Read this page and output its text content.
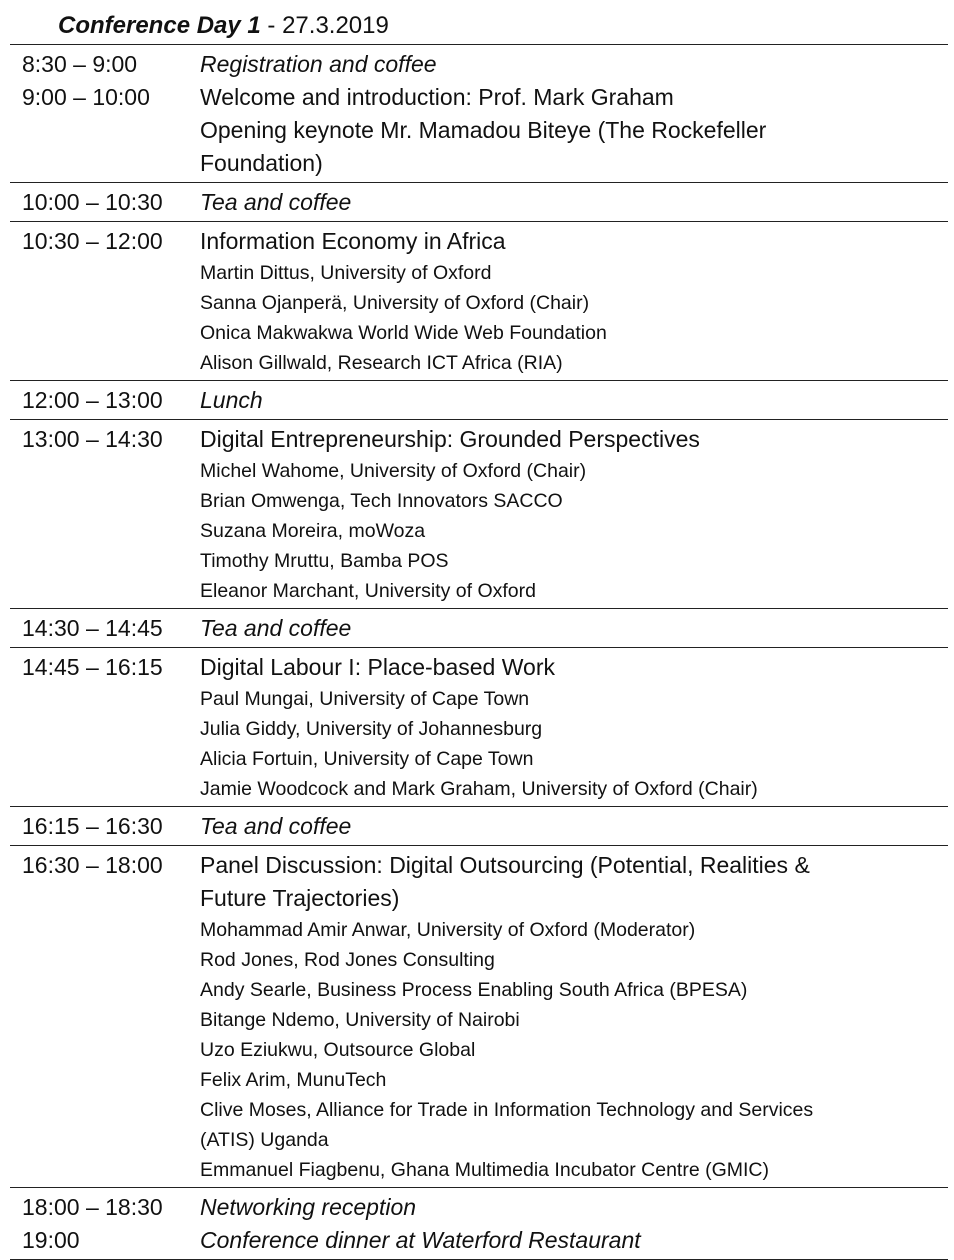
Conference Day 1 - 27.3.2019
8:30 – 9:00	Registration and coffee
9:00 – 10:00	Welcome and introduction: Prof. Mark Graham
Opening keynote Mr. Mamadou Biteye (The Rockefeller
Foundation)
10:00 – 10:30	Tea and coffee
10:30 – 12:00	Information Economy in Africa
Martin Dittus, University of Oxford
Sanna Ojanperä, University of Oxford (Chair)
Onica Makwakwa World Wide Web Foundation
Alison Gillwald, Research ICT Africa (RIA)
12:00 – 13:00	Lunch
13:00 – 14:30	Digital Entrepreneurship: Grounded Perspectives
Michel Wahome, University of Oxford (Chair)
Brian Omwenga, Tech Innovators SACCO
Suzana Moreira, moWoza
Timothy Mruttu, Bamba POS
Eleanor Marchant, University of Oxford
14:30 – 14:45	Tea and coffee
14:45 – 16:15	Digital Labour I: Place-based Work
Paul Mungai, University of Cape Town
Julia Giddy, University of Johannesburg
Alicia Fortuin, University of Cape Town
Jamie Woodcock and Mark Graham, University of Oxford (Chair)
16:15 – 16:30	Tea and coffee
16:30 – 18:00	Panel Discussion: Digital Outsourcing (Potential, Realities &
Future Trajectories)
Mohammad Amir Anwar, University of Oxford (Moderator)
Rod Jones, Rod Jones Consulting
Andy Searle, Business Process Enabling South Africa (BPESA)
Bitange Ndemo, University of Nairobi
Uzo Eziukwu, Outsource Global
Felix Arim, MunuTech
Clive Moses, Alliance for Trade in Information Technology and Services
(ATIS) Uganda
Emmanuel Fiagbenu, Ghana Multimedia Incubator Centre (GMIC)
18:00 – 18:30	Networking reception
19:00	Conference dinner at Waterford Restaurant
